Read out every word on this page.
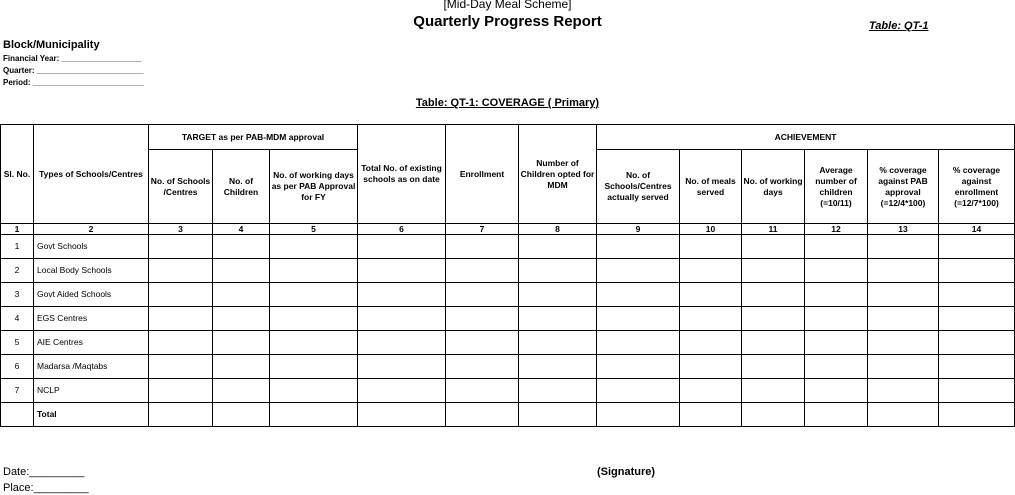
[Mid-Day Meal Scheme]
Quarterly Progress Report	Table: QT-1
Block/Municipality
Financial Year: __________________
Quarter: ________________________
Period: _________________________
Table: QT-1: COVERAGE ( Primary)
Sl. No.	Types of Schools/Centres	TARGET as per PAB-MDM approval			Total No. of existing schools as on date	Enrollment	Number of Children opted for MDM	ACHIEVEMENT					
		No. of Schools /Centres	No. of Children	No. of working days as per PAB Approval for FY				No. of Schools/Centres actually served	No. of meals served	No. of working days	Average number of children (=10/11)	% coverage against PAB approval (=12/4*100)	% coverage against enrollment (=12/7*100)
1	2	3	4	5	6	7	8	9	10	11	12	13	14
1	Govt Schools												
2	Local Body Schools												
3	Govt Aided Schools												
4	EGS Centres												
5	AIE Centres												
6	Madarsa /Maqtabs												
7	NCLP												
	Total												
Date:_________
Place:_________
(Signature)
